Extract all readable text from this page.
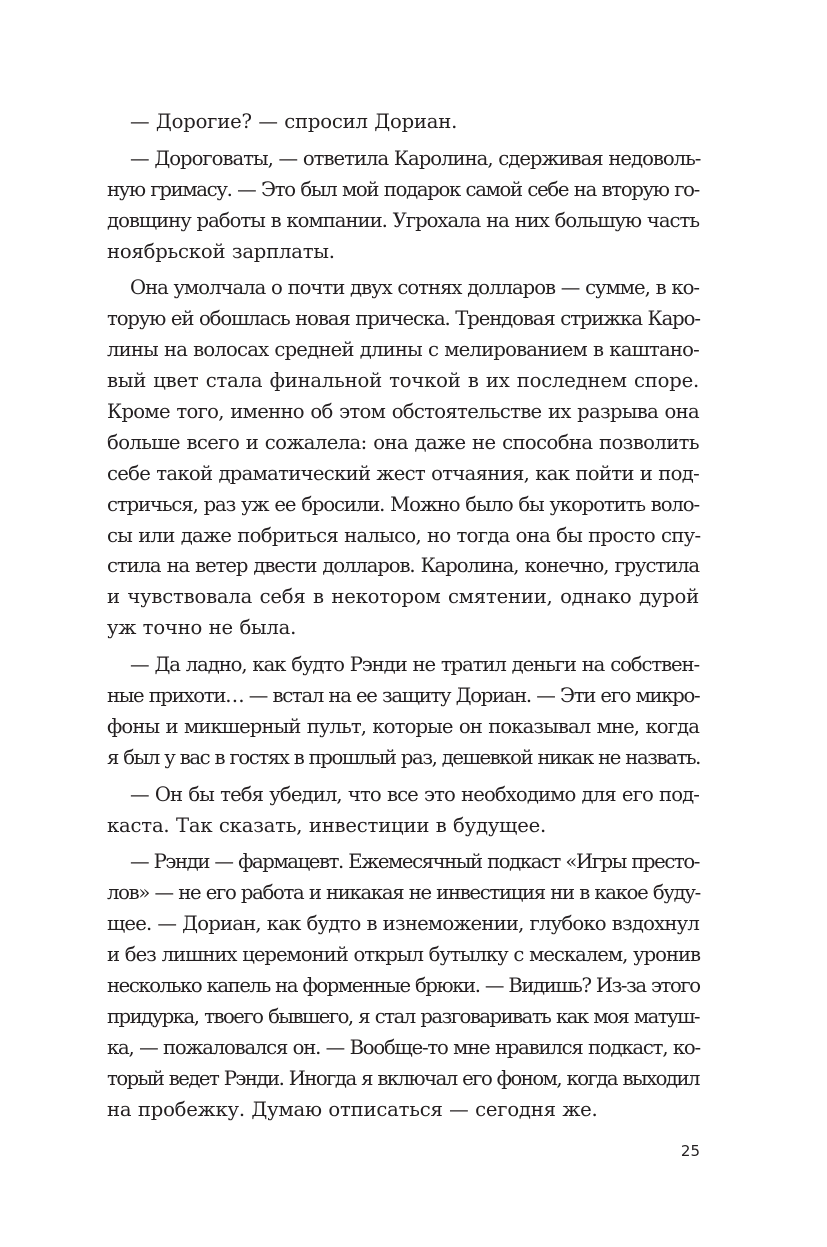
— Дорогие? — спросил Дориан.
— Дороговаты, — ответила Каролина, сдерживая недоволь-
ную гримасу. — Это был мой подарок самой себе на вторую го-
довщину работы в компании. Угрохала на них большую часть
ноябрьской зарплаты.
Она умолчала о почти двух сотнях долларов — сумме, в ко-
торую ей обошлась новая прическа. Трендовая стрижка Каро-
лины на волосах средней длины с мелированием в каштано-
вый цвет стала финальной точкой в их последнем споре.
Кроме того, именно об этом обстоятельстве их разрыва она
больше всего и сожалела: она даже не способна позволить
себе такой драматический жест отчаяния, как пойти и под-
стричься, раз уж ее бросили. Можно было бы укоротить воло-
сы или даже побриться налысо, но тогда она бы просто спу-
стила на ветер двести долларов. Каролина, конечно, грустила
и чувствовала себя в некотором смятении, однако дурой
уж точно не была.
— Да ладно, как будто Рэнди не тратил деньги на собствен-
ные прихоти… — встал на ее защиту Дориан. — Эти его микро-
фоны и микшерный пульт, которые он показывал мне, когда
я был у вас в гостях в прошлый раз, дешевкой никак не назвать.
— Он бы тебя убедил, что все это необходимо для его под-
каста. Так сказать, инвестиции в будущее.
— Рэнди — фармацевт. Ежемесячный подкаст «Игры престо-
лов» — не его работа и никакая не инвестиция ни в какое буду-
щее. — Дориан, как будто в изнеможении, глубоко вздохнул
и без лишних церемоний открыл бутылку с мескалем, уронив
несколько капель на форменные брюки. — Видишь? Из-за этого
придурка, твоего бывшего, я стал разговаривать как моя матуш-
ка, — пожаловался он. — Вообще-то мне нравился подкаст, ко-
торый ведет Рэнди. Иногда я включал его фоном, когда выходил
на пробежку. Думаю отписаться — сегодня же.
25
